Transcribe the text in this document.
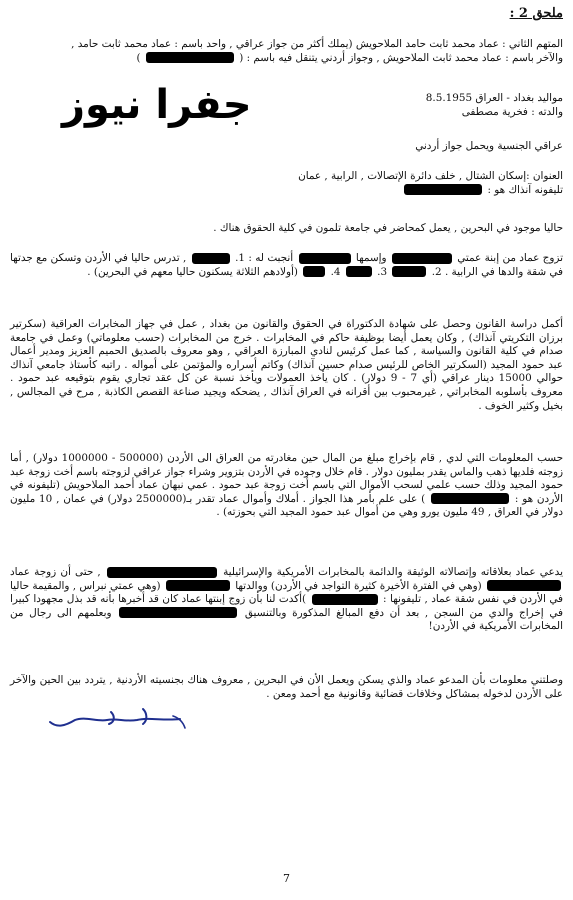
ملحق 2 :

المتهم الثاني : عماد محمد ثابت حامد الملاحويش (يملك أكثر من جواز عراقي , واحد باسم : عماد محمد ثابت حامد ,

والآخر باسم : عماد محمد ثابت الملاحويش , وجواز أردني يتنقل فيه باسم : (  )

مواليد بغداد - العراق 8.5.1955

والدته : فخرية مصطفى

جفرا نيوز
عراقي الجنسية ويحمل جواز أردني

العنوان :إسكان الشتال , خلف دائرة الإتصالات , الرابية , عمان

تليفونه آنذاك هو :

حاليا موجود في البحرين , يعمل كمحاضر في جامعة تلمون في كلية الحقوق هناك .
تزوج عماد من إبنة عمتي  وإسمها  أنجبت له : 1.  , تدرس حاليا في الأردن وتسكن مع جدتها في شقة والدها في الرابية . 2.  3.  4.  (أولادهم الثلاثة يسكنون حاليا معهم في البحرين) .
أكمل دراسة القانون وحصل على شهادة الدكتوراة في الحقوق والقانون من بغداد , عمل في جهاز المخابرات العراقية (سكرتير برزان التكريتي آنذاك) , وكان يعمل أيضا بوظيفة حاكم في المخابرات . خرج من المخابرات (حسب معلوماتي) وعمل في جامعة صدام في كلية القانون والسياسة , كما عمل كرئيس لنادي المبارزة العراقي , وهو معروف بالصديق الحميم العزيز ومدير أعمال عبد حمود المجيد (السكرتير الخاص للرئيس صدام حسين آنذاك) وكاتم أسراره والمؤتمن على أمواله . راتبه كأستاذ جامعي آنذاك حوالي 15000 دينار عراقي (أي 7 - 9 دولار) . كان يأخذ العمولات ويأخذ نسبة عن كل عقد تجاري يقوم بتوقيعه عبد حمود . معروف بأسلوبه المخابراتي , غيرمحبوب بين أقرانه في العراق آنذاك , يضحكه ويجيد صناعة القصص الكاذبة , مرح في المجالس , بخيل وكثير الخوف .
حسب المعلومات التي لدي , قام بإخراج مبلغ من المال حين مغادرته من العراق الى الأردن (500000 - 1000000 دولار) , أما زوجته فلديها ذهب والماس يقدر بمليون دولار . قام خلال وجوده في الأردن بتزوير وشراء جواز عراقي لزوجته باسم أخت زوجة عبد حمود المجيد وذلك حسب علمي لسحب الأموال التي باسم أخت زوجة عبد حمود . عمي نبهان عماد أحمد الملاحويش (تليفونه في الأردن هو :  ) على علم بأمر هذا الجواز . أملاك وأموال عماد تقدر بـ(2500000 دولار) في عمان , 10 مليون دولار في العراق , 49 مليون يورو وهي من أموال عبد حمود المجيد التي بحوزته) .
يدعي عماد بعلاقاته وإتصالاته الوثيقة والدائمة بالمخابرات الأمريكية والإسرائيلية  , حتى أن زوجة عماد  (وهي في الفترة الأخيرة كثيرة التواجد في الأردن) ووالدتها  (وهي عمتي نبراس , والمقيمة حاليا في الأردن في نفس شقة عماد , تليفونها :  )أكدت لنا بأن زوج إبنتها عماد كان قد أخبرها بأنه قد بذل مجهودا كبيرا في إخراج والدي من السجن , بعد أن دفع المبالغ المذكورة وبالتنسيق  وبعلمهم الى رجال من المخابرات الأمريكية في الأردن!
وصلتني معلومات بأن المدعو عماد والذي يسكن ويعمل الأن في البحرين , معروف هناك بجنسيته الأردنية , يتردد بين الحين والآخر على الأردن لدخوله بمشاكل وخلافات قضائية وقانونية مع أحمد ومعن .
7
